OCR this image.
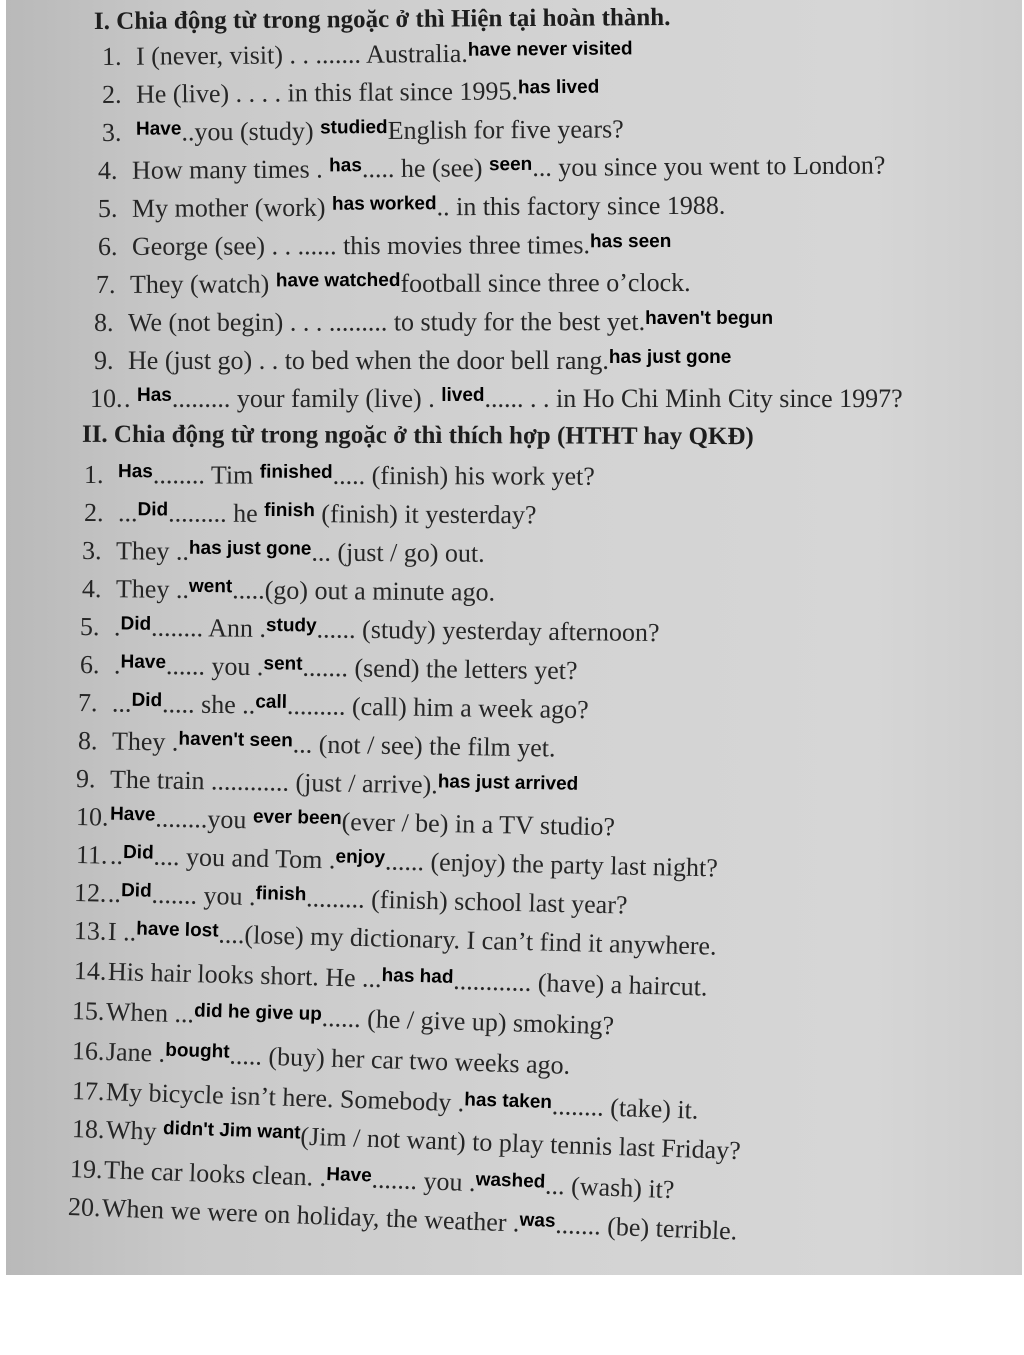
I. Chia động từ trong ngoặc ở thì Hiện tại hoàn thành.
1. I (never, visit) . . ....... Australia.$^{have never visited}$
2. He (live) . . . . in this flat since 1995.$^{has lived}$
3. $^{Have}$..you (study) $^{studied}$English for five years?
4. How many times . $^{has}$..... he (see) $^{seen}$... you since you went to London?
5. My mother (work) $^{has worked}$.. in this factory since 1988.
6. George (see) . . ...... this movies three times.$^{has seen}$
7. They (watch) $^{have watched}$football since three o’clock.
8. We (not begin) . . . ......... to study for the best yet.$^{haven't begun}$
9. He (just go) . . to bed when the door bell rang.$^{has just gone}$
10.. $^{Has}$......... your family (live) . $^{lived}$...... . . in Ho Chi Minh City since 1997?
II. Chia động từ trong ngoặc ở thì thích hợp (HTHT hay QKĐ)
1. $^{Has}$........ Tim $^{finished}$..... (finish) his work yet?
2. ...$^{Did}$......... he $^{finish}$ (finish) it yesterday?
3. They ..$^{has just gone}$... (just / go) out.
4. They ..$^{went}$.....(go) out a minute ago.
5. .$^{Did}$........ Ann .$^{study}$...... (study) yesterday afternoon?
6. .$^{Have}$...... you .$^{sent}$....... (send) the letters yet?
7. ...$^{Did}$..... she ..$^{call}$......... (call) him a week ago?
8. They .$^{haven't seen}$... (not / see) the film yet.
9. The train ............ (just / arrive).$^{has just arrived}$
10.$^{Have}$........you $^{ever been}$(ever / be) in a TV studio?
11...$^{Did}$.... you and Tom .$^{enjoy}$...... (enjoy) the party last night?
12...$^{Did}$....... you .$^{finish}$......... (finish) school last year?
13.I ..$^{have lost}$....(lose) my dictionary. I can’t find it anywhere.
14.His hair looks short. He ...$^{has had}$............ (have) a haircut.
15.When ...$^{did he give up}$...... (he / give up) smoking?
16.Jane .$^{bought}$..... (buy) her car two weeks ago.
17.My bicycle isn’t here. Somebody .$^{has taken}$........ (take) it.
18.Why $^{didn't Jim want}$(Jim / not want) to play tennis last Friday?
19.The car looks clean. .$^{Have}$....... you .$^{washed}$... (wash) it?
20.When we were on holiday, the weather .$^{was}$....... (be) terrible.
